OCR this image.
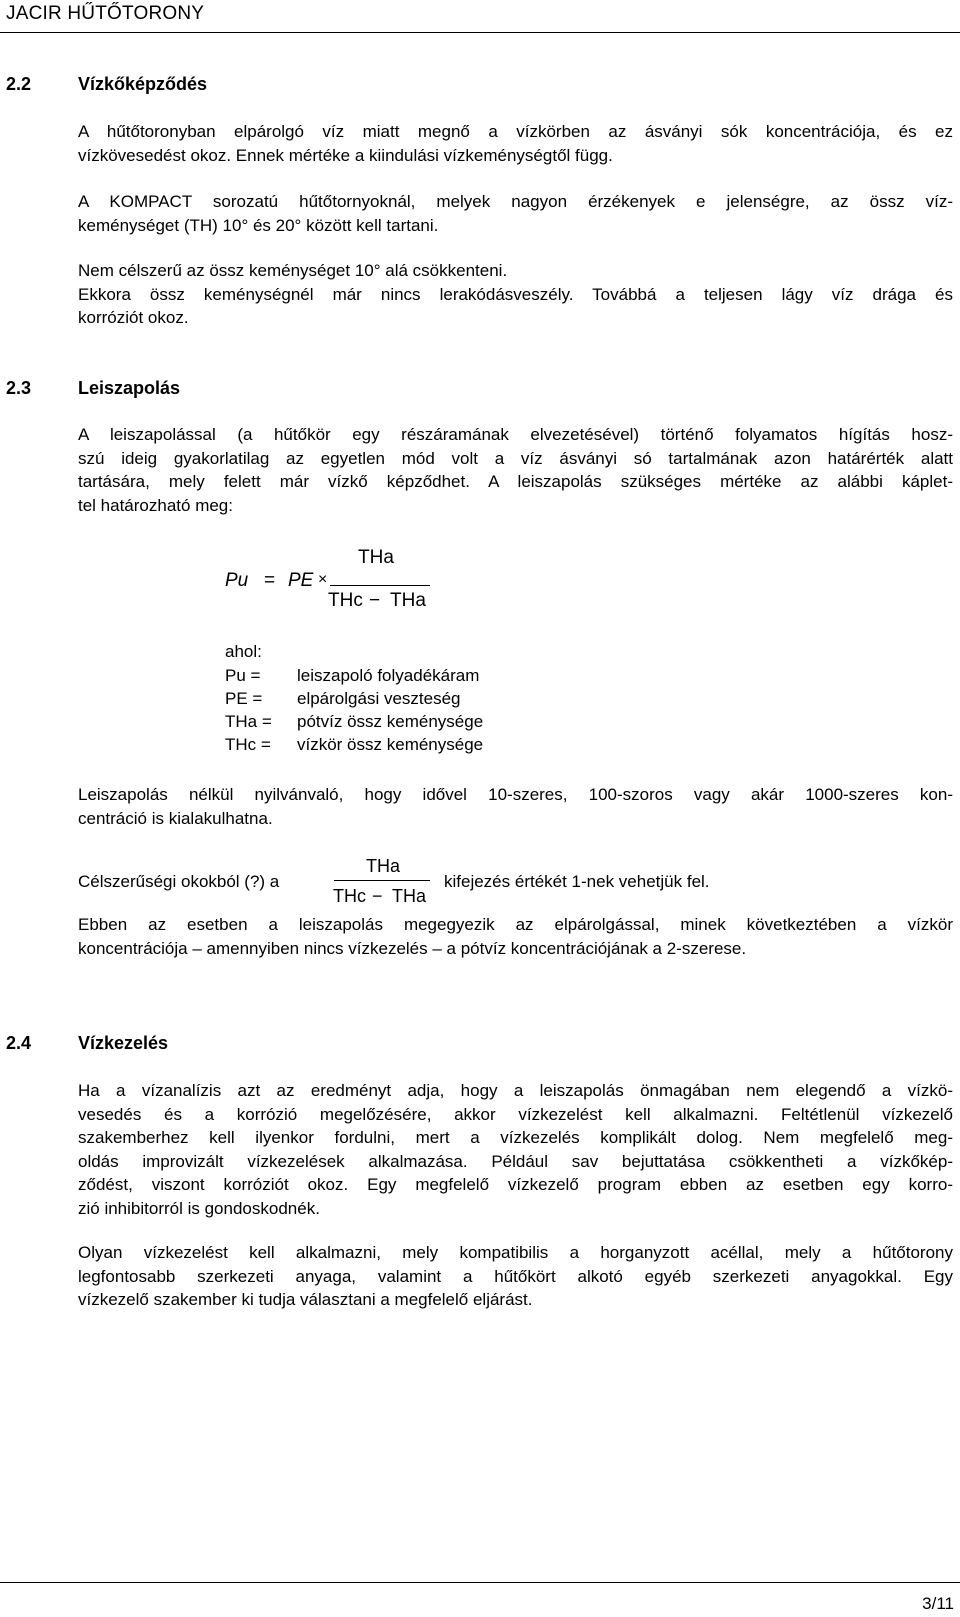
JACIR HŰTŐTORONY
2.2	Vízkőképződés
A hűtőtoronyban elpárolgó víz miatt megnő a vízkörben az ásványi sók koncentrációja, és ez
vízkövesedést okoz. Ennek mértéke a kiindulási vízkeménységtől függ.
A KOMPACT sorozatú hűtőtornyoknál, melyek nagyon érzékenyek e jelenségre, az össz víz-
keménységet (TH) 10° és 20° között kell tartani.
Nem célszerű az össz keménységet 10° alá csökkenteni.
Ekkora össz keménységnél már nincs lerakódásveszély. Továbbá a teljesen lágy víz drága és
korróziót okoz.
2.3	Leiszapolás
A leiszapolással (a hűtőkör egy részáramának elvezetésével) történő folyamatos hígítás hosz-
szú ideig gyakorlatilag az egyetlen mód volt a víz ásványi só tartalmának azon határérték alatt
tartására, mely felett már vízkő képződhet. A leiszapolás szükséges mértéke az alábbi káplet-
tel határozható meg:
Pu = PE ×
THa
THc − THa
ahol:
Pu = leiszapoló folyadékáram
PE = elpárolgási veszteség
THa = pótvíz össz keménysége
THc = vízkör össz keménysége
Leiszapolás nélkül nyilvánvaló, hogy idővel 10-szeres, 100-szoros vagy akár 1000-szeres kon-
centráció is kialakulhatna.
Célszerűségi okokból (?) a
THa
THc − THa
kifejezés értékét 1-nek vehetjük fel.
Ebben az esetben a leiszapolás megegyezik az elpárolgással, minek következtében a vízkör
koncentrációja – amennyiben nincs vízkezelés – a pótvíz koncentrációjának a 2-szerese.
2.4	Vízkezelés
Ha a vízanalízis azt az eredményt adja, hogy a leiszapolás önmagában nem elegendő a vízkö-
vesedés és a korrózió megelőzésére, akkor vízkezelést kell alkalmazni. Feltétlenül vízkezelő
szakemberhez kell ilyenkor fordulni, mert a vízkezelés komplikált dolog. Nem megfelelő meg-
oldás improvizált vízkezelések alkalmazása. Például sav bejuttatása csökkentheti a vízkőkép-
ződést, viszont korróziót okoz. Egy megfelelő vízkezelő program ebben az esetben egy korro-
zió inhibitorról is gondoskodnék.
Olyan vízkezelést kell alkalmazni, mely kompatibilis a horganyzott acéllal, mely a hűtőtorony
legfontosabb szerkezeti anyaga, valamint a hűtőkört alkotó egyéb szerkezeti anyagokkal. Egy
vízkezelő szakember ki tudja választani a megfelelő eljárást.
3/11
